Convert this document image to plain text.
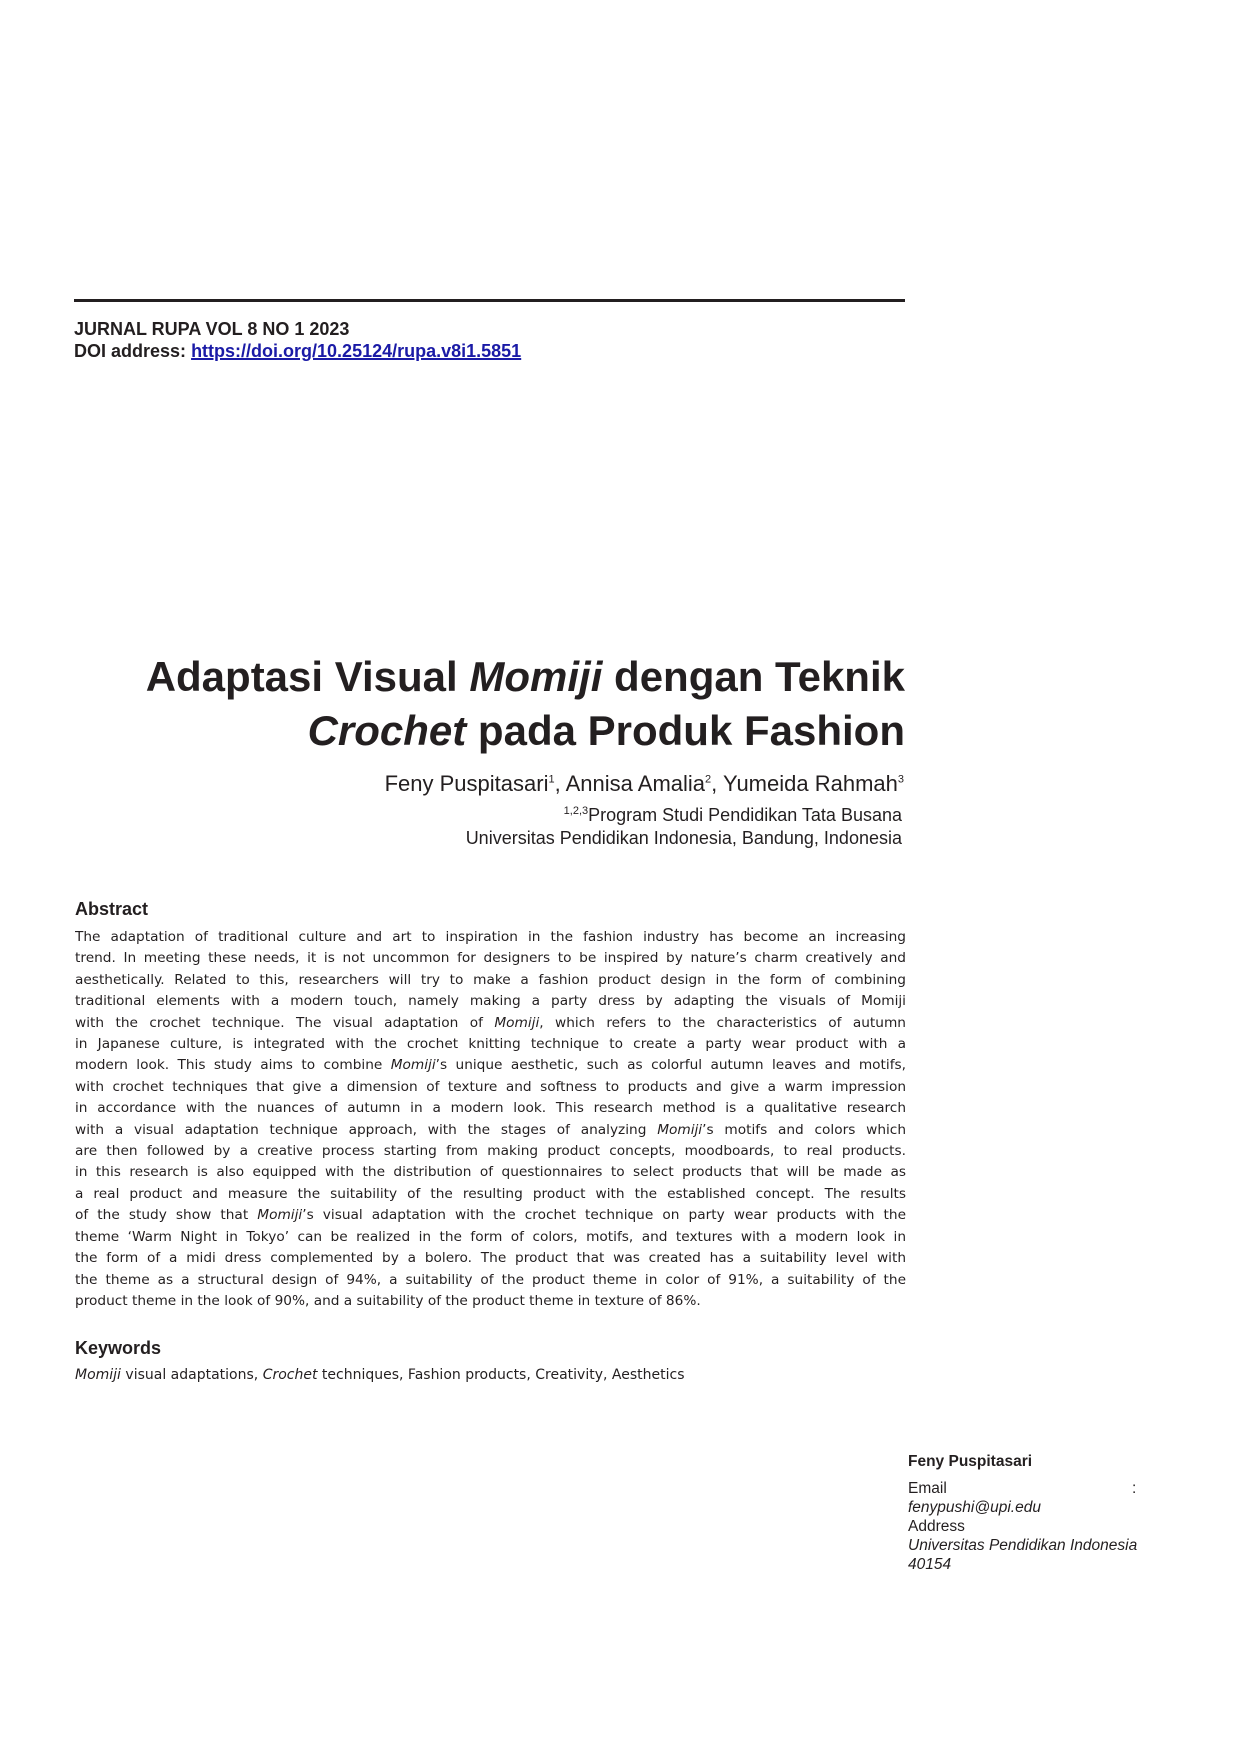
JURNAL RUPA VOL 8 NO 1 2023
DOI address: https://doi.org/10.25124/rupa.v8i1.5851
Adaptasi Visual Momiji dengan Teknik
Crochet pada Produk Fashion
Feny Puspitasari$^1$, Annisa Amalia$^2$, Yumeida Rahmah$^3$
$^{1,2,3}$Program Studi Pendidikan Tata Busana
Universitas Pendidikan Indonesia, Bandung, Indonesia
Abstract
The adaptation of traditional culture and art to inspiration in the fashion industry has become an increasing
trend. In meeting these needs, it is not uncommon for designers to be inspired by nature’s charm creatively and
aesthetically. Related to this, researchers will try to make a fashion product design in the form of combining
traditional elements with a modern touch, namely making a party dress by adapting the visuals of Momiji
with the crochet technique. The visual adaptation of Momiji, which refers to the characteristics of autumn
in Japanese culture, is integrated with the crochet knitting technique to create a party wear product with a
modern look. This study aims to combine Momiji’s unique aesthetic, such as colorful autumn leaves and motifs,
with crochet techniques that give a dimension of texture and softness to products and give a warm impression
in accordance with the nuances of autumn in a modern look. This research method is a qualitative research
with a visual adaptation technique approach, with the stages of analyzing Momiji’s motifs and colors which
are then followed by a creative process starting from making product concepts, moodboards, to real products.
in this research is also equipped with the distribution of questionnaires to select products that will be made as
a real product and measure the suitability of the resulting product with the established concept. The results
of the study show that Momiji’s visual adaptation with the crochet technique on party wear products with the
theme ‘Warm Night in Tokyo’ can be realized in the form of colors, motifs, and textures with a modern look in
the form of a midi dress complemented by a bolero. The product that was created has a suitability level with
the theme as a structural design of 94%, a suitability of the product theme in color of 91%, a suitability of the
product theme in the look of 90%, and a suitability of the product theme in texture of 86%.
Keywords
Momiji visual adaptations, Crochet techniques, Fashion products, Creativity, Aesthetics
Feny Puspitasari
Email	:
fenypushi@upi.edu
Address
Universitas Pendidikan Indonesia
40154
